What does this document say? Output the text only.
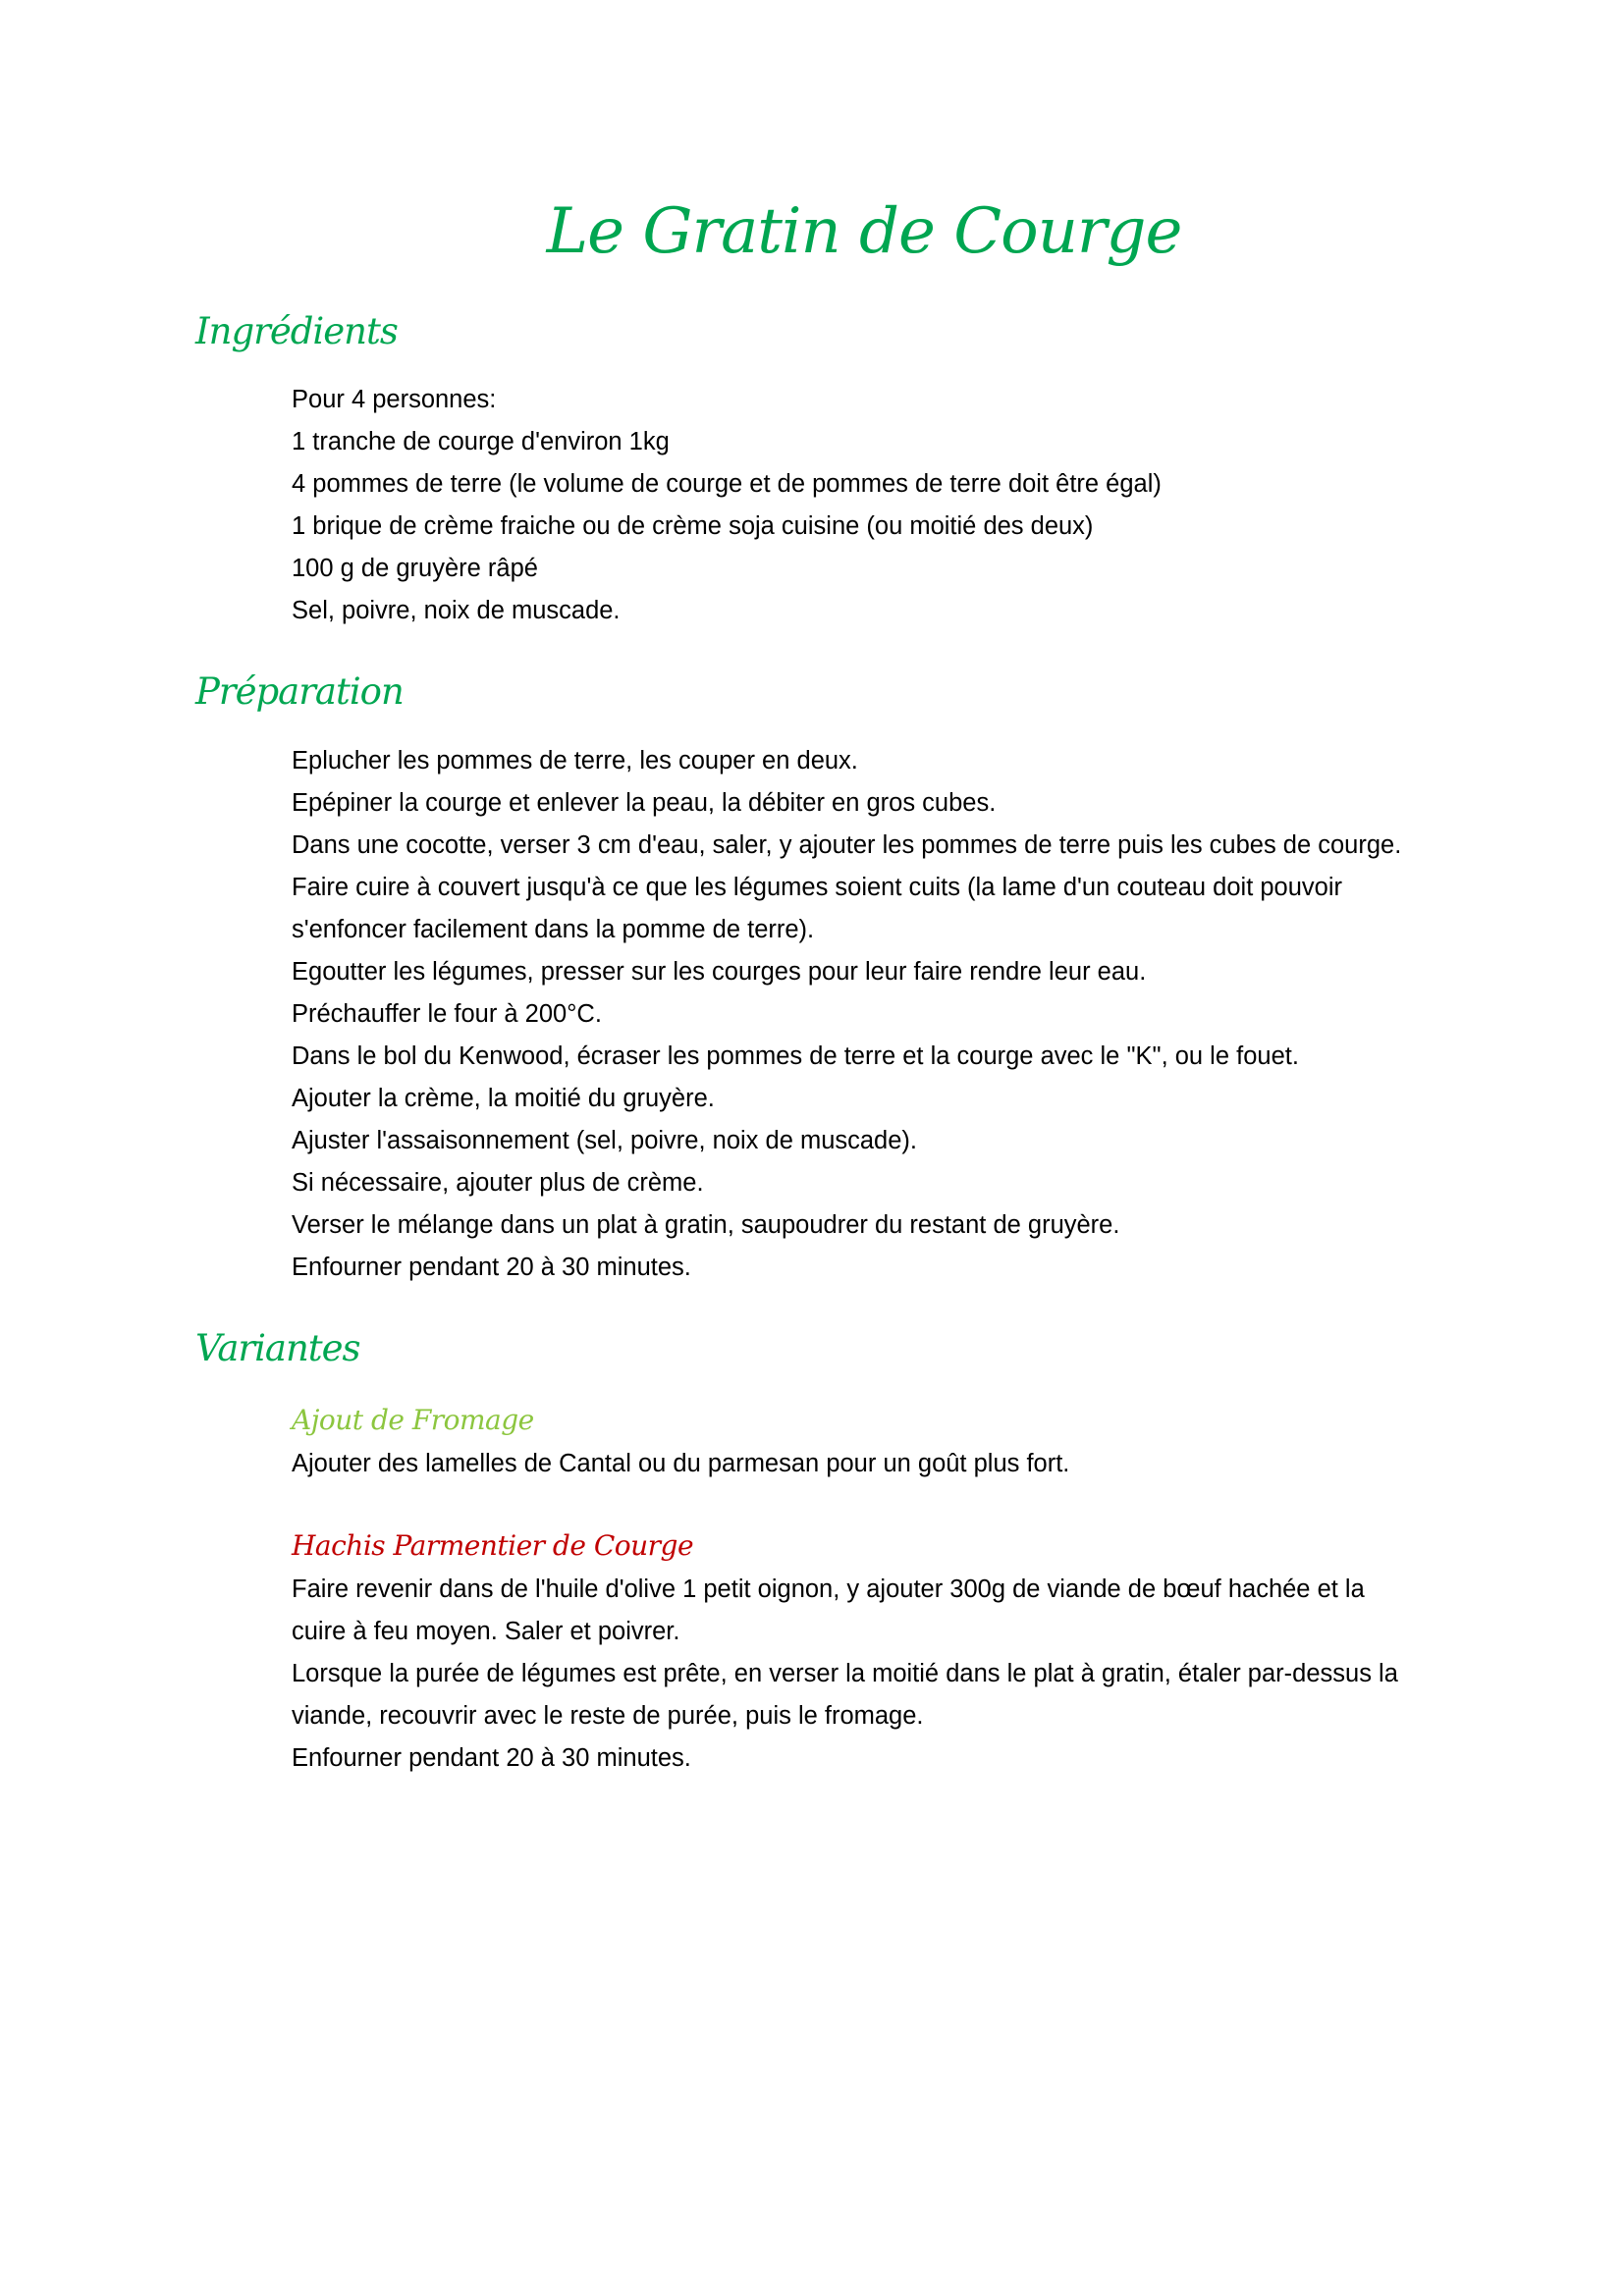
Le Gratin de Courge
Ingrédients
Pour 4 personnes:
1 tranche de courge d'environ 1kg
4 pommes de terre (le volume de courge et de pommes de terre doit être égal)
1 brique de crème fraiche ou de crème soja cuisine (ou moitié des deux)
100 g de gruyère râpé
Sel, poivre, noix de muscade.
Préparation
Eplucher les pommes de terre, les couper en deux.
Epépiner la courge et enlever la peau, la débiter en gros cubes.
Dans une cocotte, verser 3 cm d'eau, saler, y ajouter les pommes de terre puis les cubes de courge.
Faire cuire à couvert jusqu'à ce que les légumes soient cuits (la lame d'un couteau doit pouvoir
s'enfoncer facilement dans la pomme de terre).
Egoutter les légumes, presser sur les courges pour leur faire rendre leur eau.
Préchauffer le four à 200°C.
Dans le bol du Kenwood, écraser les pommes de terre et la courge avec le "K", ou le fouet.
Ajouter la crème, la moitié du gruyère.
Ajuster l'assaisonnement (sel, poivre, noix de muscade).
Si nécessaire, ajouter plus de crème.
Verser le mélange dans un plat à gratin, saupoudrer du restant de gruyère.
Enfourner pendant 20 à 30 minutes.
Variantes
Ajout de Fromage
Ajouter des lamelles de Cantal ou du parmesan pour un goût plus fort.
Hachis Parmentier de Courge
Faire revenir dans de l'huile d'olive 1 petit oignon, y ajouter 300g de viande de bœuf hachée et la
cuire à feu moyen. Saler et poivrer.
Lorsque la purée de légumes est prête, en verser la moitié dans le plat à gratin, étaler par-dessus la
viande, recouvrir avec le reste de purée, puis le fromage.
Enfourner pendant 20 à 30 minutes.
